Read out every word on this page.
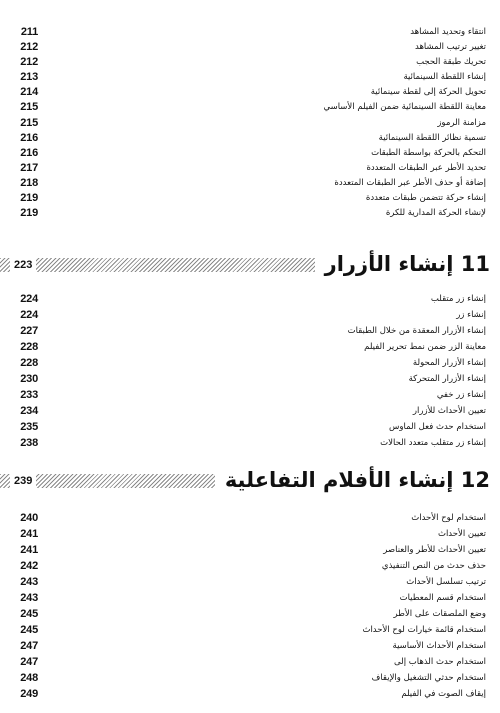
211	انتقاء وتحديد المشاهد
212	تغيير ترتيب المشاهد
212	تحريك طبقة الحجب
213	إنشاء اللقطة السينمائية
214	تحويل الحركة إلى لقطة سينمائية
215	معاينة اللقطة السينمائية ضمن الفيلم الأساسي
215	مزامنة الرموز
216	تسمية نظائر اللقطة السينمائية
216	التحكم بالحركة بواسطة الطبقات
217	تحديد الأطر عبر الطبقات المتعددة
218	إضافة أو حذف الأطر عبر الطبقات المتعددة
219	إنشاء حركة تتضمن طبقات متعددة
219	لإنشاء الحركة المدارية للكرة
223	11 إنشاء الأزرار
224	إنشاء زر متقلب
224	إنشاء زر
227	إنشاء الأزرار المعقدة من خلال الطبقات
228	معاينة الزر ضمن نمط تحرير الفيلم
228	إنشاء الأزرار المحولة
230	إنشاء الأزرار المتحركة
233	إنشاء زر خفي
234	تعيين الأحداث للأزرار
235	استخدام حدث فعل الماوس
238	إنشاء زر متقلب متعدد الحالات
239	12 إنشاء الأفلام التفاعلية
240	استخدام لوح الأحداث
241	تعيين الأحداث
241	تعيين الأحداث للأطر والعناصر
242	حذف حدث من النص التنفيذي
243	ترتيب تسلسل الأحداث
243	استخدام قسم المعطيات
245	وضع الملصقات على الأطر
245	استخدام قائمة خيارات لوح الأحداث
247	استخدام الأحداث الأساسية
247	استخدام حدث الذهاب إلى
248	استخدام حدثي التشغيل والإيقاف
249	إيقاف الصوت في الفيلم
